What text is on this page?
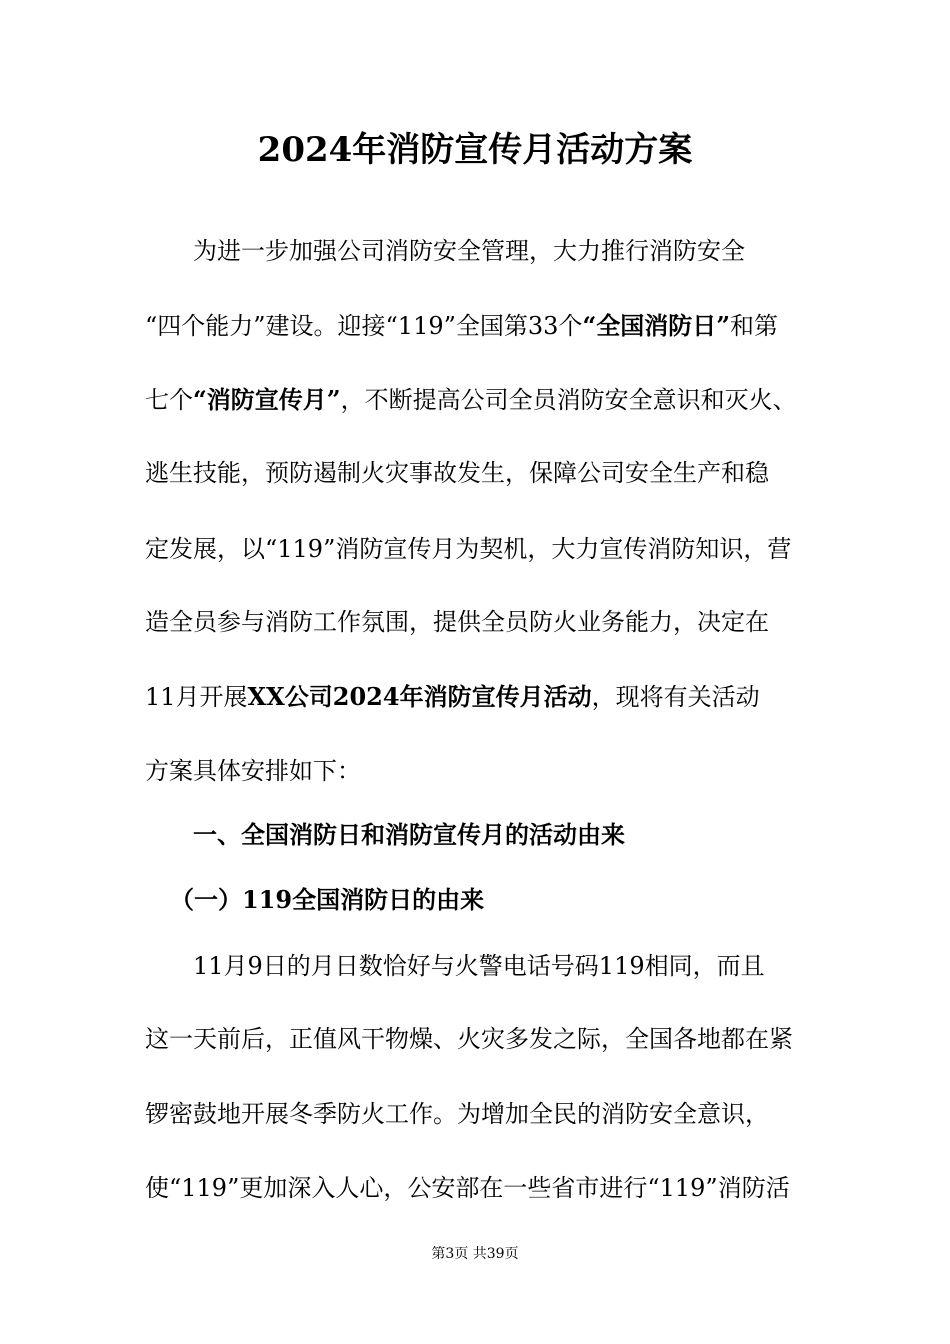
2024年消防宣传月活动方案
为进一步加强公司消防安全管理，大力推行消防安全
“四个能力”建设。迎接“119”全国第33个“全国消防日”和第
七个“消防宣传月”，不断提高公司全员消防安全意识和灭火、
逃生技能，预防遏制火灾事故发生，保障公司安全生产和稳
定发展，以“119”消防宣传月为契机，大力宣传消防知识，营
造全员参与消防工作氛围，提供全员防火业务能力，决定在
11月开展XX公司2024年消防宣传月活动，现将有关活动
方案具体安排如下：
一、全国消防日和消防宣传月的活动由来
（一）119全国消防日的由来
11月9日的月日数恰好与火警电话号码119相同，而且
这一天前后，正值风干物燥、火灾多发之际，全国各地都在紧
锣密鼓地开展冬季防火工作。为增加全民的消防安全意识，
使“119”更加深入人心，公安部在一些省市进行“119”消防活
第3页 共39页
